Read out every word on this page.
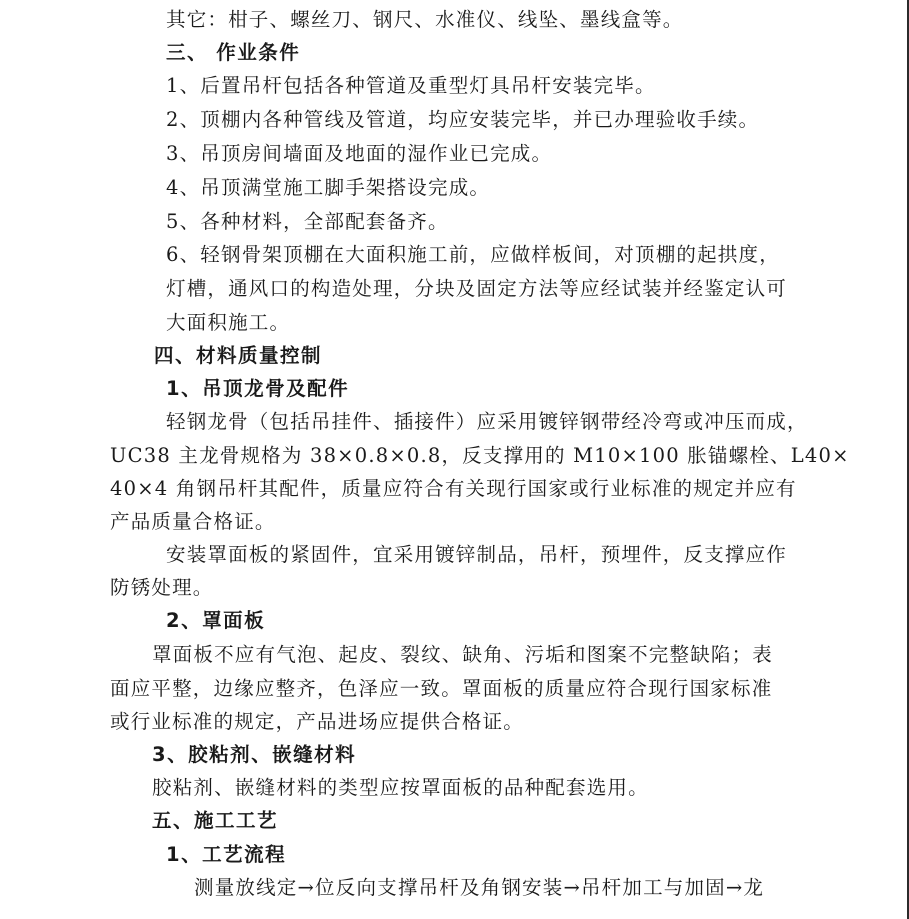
其它：柑子、螺丝刀、钢尺、水准仪、线坠、墨线盒等。
三、 作业条件
1、后置吊杆包括各种管道及重型灯具吊杆安装完毕。
2、顶棚内各种管线及管道，均应安装完毕，并已办理验收手续。
3、吊顶房间墙面及地面的湿作业已完成。
4、吊顶满堂施工脚手架搭设完成。
5、各种材料，全部配套备齐。
6、轻钢骨架顶棚在大面积施工前，应做样板间，对顶棚的起拱度，
灯槽，通风口的构造处理，分块及固定方法等应经试装并经鉴定认可
大面积施工。
四、材料质量控制
1、吊顶龙骨及配件
轻钢龙骨（包括吊挂件、插接件）应采用镀锌钢带经冷弯或冲压而成，
UC38 主龙骨规格为 38×0.8×0.8，反支撑用的 M10×100 胀锚螺栓、L40×
40×4 角钢吊杆其配件，质量应符合有关现行国家或行业标准的规定并应有
产品质量合格证。
安装罩面板的紧固件，宜采用镀锌制品，吊杆，预埋件，反支撑应作
防锈处理。
2、罩面板
罩面板不应有气泡、起皮、裂纹、缺角、污垢和图案不完整缺陷；表
面应平整，边缘应整齐，色泽应一致。罩面板的质量应符合现行国家标准
或行业标准的规定，产品进场应提供合格证。
3、胶粘剂、嵌缝材料
胶粘剂、嵌缝材料的类型应按罩面板的品种配套选用。
五、施工工艺
1、工艺流程
测量放线定→位反向支撑吊杆及角钢安装→吊杆加工与加固→龙
